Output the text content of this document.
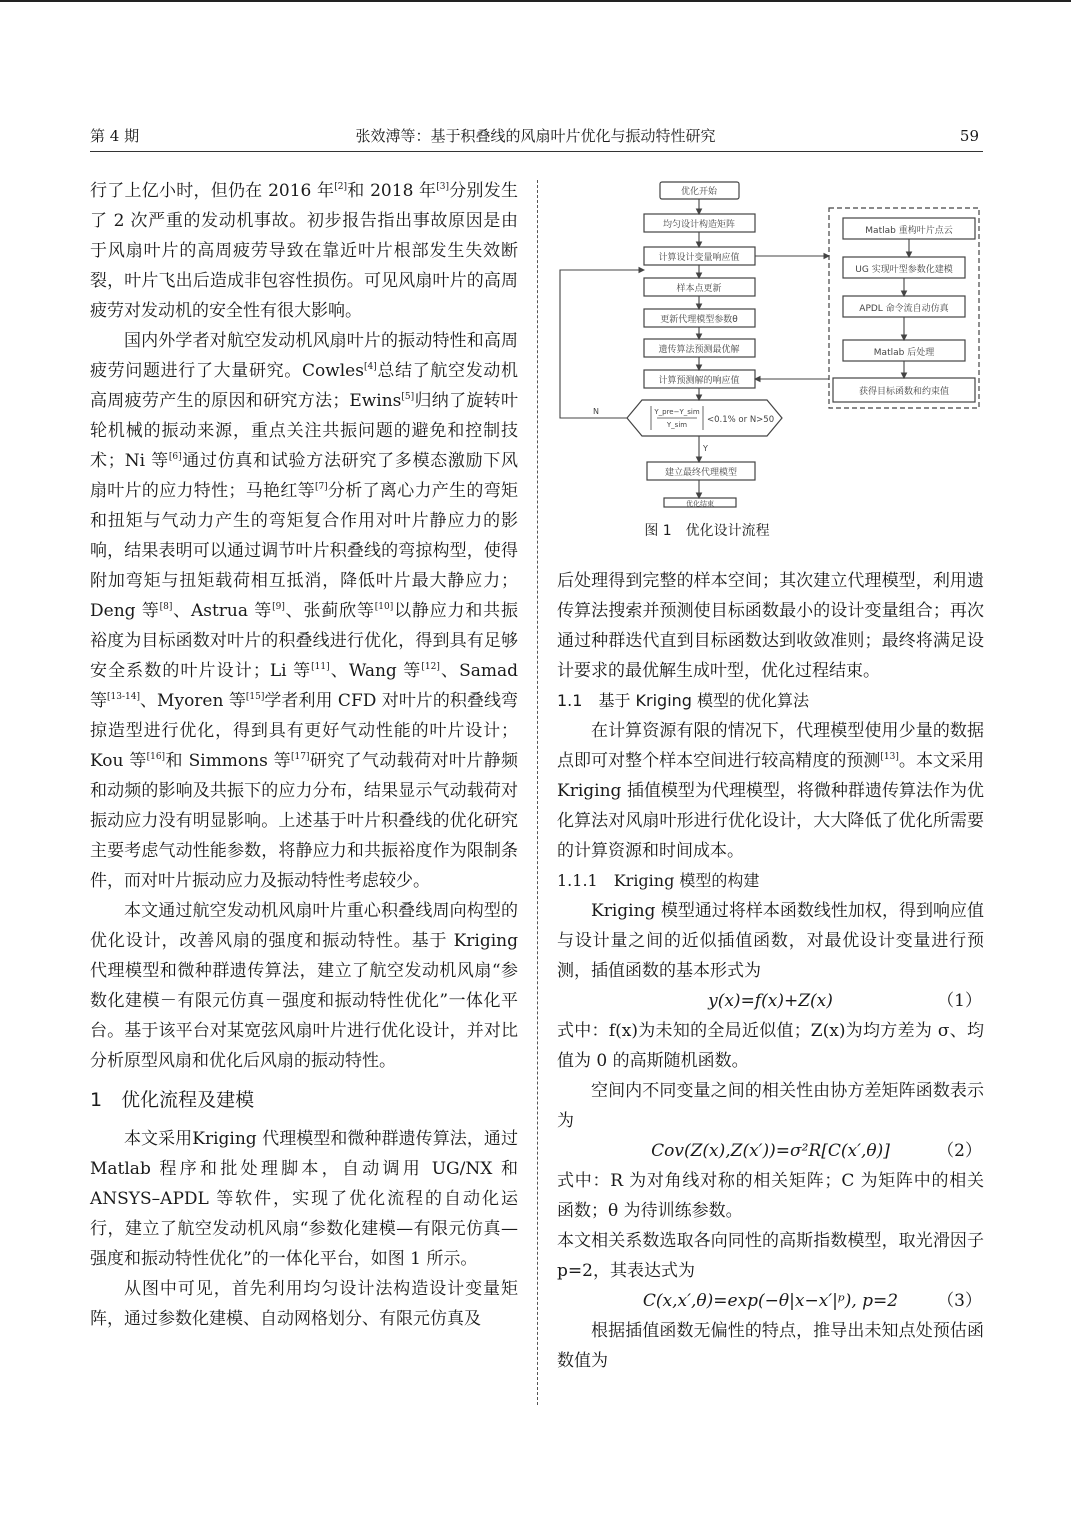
第 4 期	张效溥等：基于积叠线的风扇叶片优化与振动特性研究	59

行了上亿小时，但仍在 2016 年[2]和 2018 年[3]分别发生了 2 次严重的发动机事故。初步报告指出事故原因是由于风扇叶片的高周疲劳导致在靠近叶片根部发生失效断裂，叶片飞出后造成非包容性损伤。可见风扇叶片的高周疲劳对发动机的安全性有很大影响。

国内外学者对航空发动机风扇叶片的振动特性和高周疲劳问题进行了大量研究。Cowles[4]总结了航空发动机高周疲劳产生的原因和研究方法；Ewins[5]归纳了旋转叶轮机械的振动来源，重点关注共振问题的避免和控制技术；Ni 等[6]通过仿真和试验方法研究了多模态激励下风扇叶片的应力特性；马艳红等[7]分析了离心力产生的弯矩和扭矩与气动力产生的弯矩复合作用对叶片静应力的影响，结果表明可以通过调节叶片积叠线的弯掠构型，使得附加弯矩与扭矩载荷相互抵消，降低叶片最大静应力；Deng 等[8]、Astrua 等[9]、张蓟欣等[10]以静应力和共振裕度为目标函数对叶片的积叠线进行优化，得到具有足够安全系数的叶片设计；Li 等[11]、Wang 等[12]、Samad 等[13-14]、Myoren 等[15]学者利用 CFD 对叶片的积叠线弯掠造型进行优化，得到具有更好气动性能的叶片设计；Kou 等[16]和 Simmons 等[17]研究了气动载荷对叶片静频和动频的影响及共振下的应力分布，结果显示气动载荷对振动应力没有明显影响。上述基于叶片积叠线的优化研究主要考虑气动性能参数，将静应力和共振裕度作为限制条件，而对叶片振动应力及振动特性考虑较少。

本文通过航空发动机风扇叶片重心积叠线周向构型的优化设计，改善风扇的强度和振动特性。基于 Kriging 代理模型和微种群遗传算法，建立了航空发动机风扇“参数化建模－有限元仿真－强度和振动特性优化”一体化平台。基于该平台对某宽弦风扇叶片进行优化设计，并对比分析原型风扇和优化后风扇的振动特性。

1　优化流程及建模

本文采用Kriging 代理模型和微种群遗传算法，通过 Matlab 程序和批处理脚本，自动调用 UG/NX 和 ANSYS–APDL 等软件，实现了优化流程的自动化运行，建立了航空发动机风扇“参数化建模—有限元仿真—强度和振动特性优化”的一体化平台，如图 1 所示。

从图中可见，首先利用均匀设计法构造设计变量矩阵，通过参数化建模、自动网格划分、有限元仿真及

优化开始
均匀设计构造矩阵
计算设计变量响应值
样本点更新
更新代理模型参数θ
遗传算法预测最优解
计算预测解的响应值
建立最终代理模型
优化结束
Matlab 重构叶片点云
UG 实现叶型参数化建模
APDL 命令流自动仿真
Matlab 后处理
获得目标函数和约束值
Y_pre−Y_sim
Y_sim <0.1% or N>50
N
Y
图 1　优化设计流程

后处理得到完整的样本空间；其次建立代理模型，利用遗传算法搜索并预测使目标函数最小的设计变量组合；再次通过种群迭代直到目标函数达到收敛准则；最终将满足设计要求的最优解生成叶型，优化过程结束。

1.1　基于 Kriging 模型的优化算法

在计算资源有限的情况下，代理模型使用少量的数据点即可对整个样本空间进行较高精度的预测[13]。本文采用 Kriging 插值模型为代理模型，将微种群遗传算法作为优化算法对风扇叶形进行优化设计，大大降低了优化所需要的计算资源和时间成本。

1.1.1　Kriging 模型的构建

Kriging 模型通过将样本函数线性加权，得到响应值与设计量之间的近似插值函数，对最优设计变量进行预测，插值函数的基本形式为

y(x)=f(x)+Z(x)	（1）

式中：f(x)为未知的全局近似值；Z(x)为均方差为 σ、均值为 0 的高斯随机函数。

空间内不同变量之间的相关性由协方差矩阵函数表示为

Cov(Z(x),Z(x′))=σ²R[C(x′,θ)]	（2）

式中：R 为对角线对称的相关矩阵；C 为矩阵中的相关函数；θ 为待训练参数。

本文相关系数选取各向同性的高斯指数模型，取光滑因子 p=2，其表达式为

C(x,x′,θ)=exp(−θ|x−x′|ᵖ), p=2 （3）

根据插值函数无偏性的特点，推导出未知点处预估函数值为
